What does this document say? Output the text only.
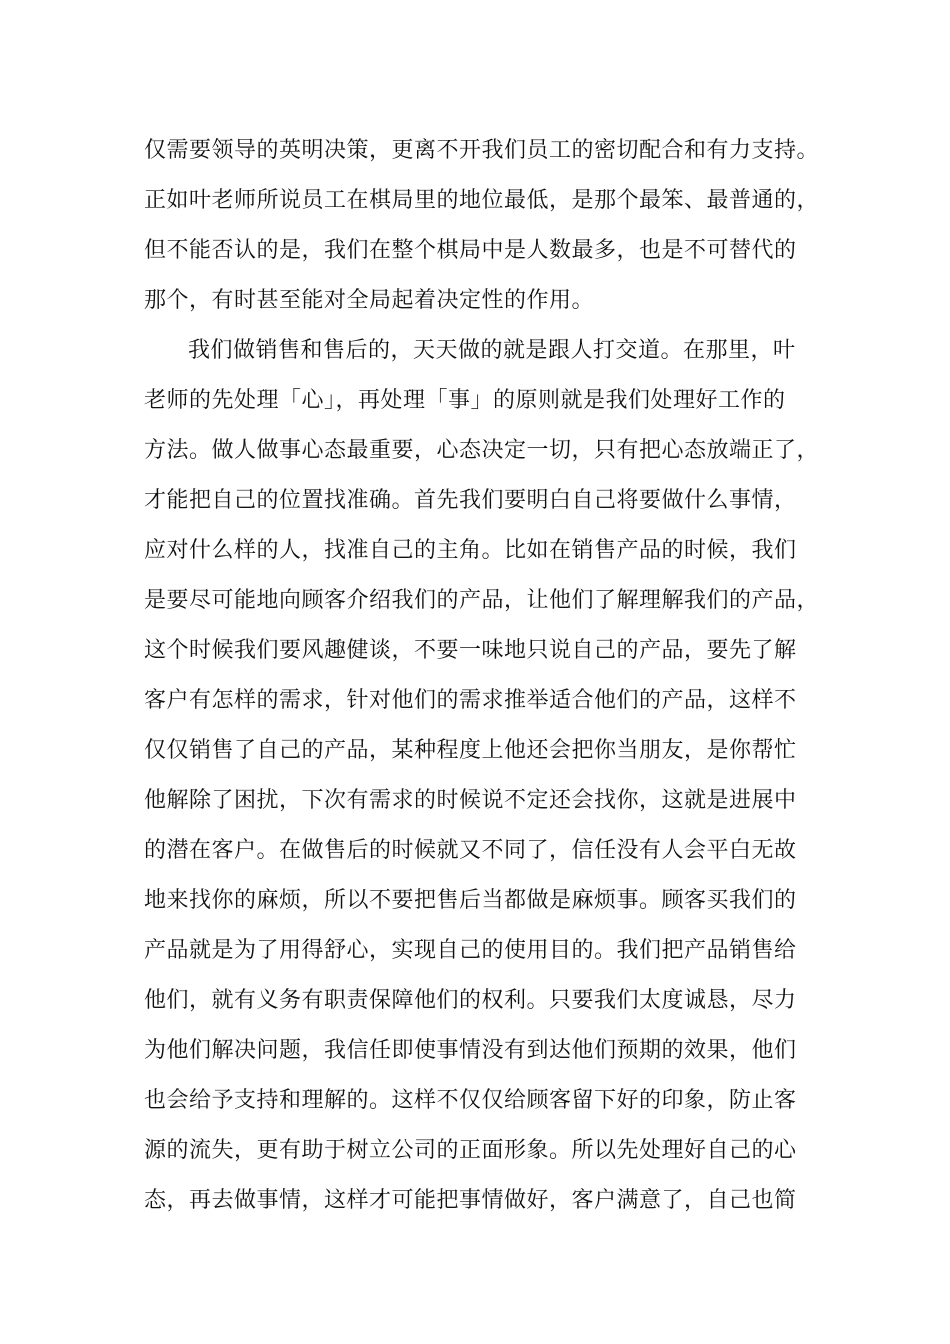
仅需要领导的英明决策，更离不开我们员工的密切配合和有力支持。
正如叶老师所说员工在棋局里的地位最低，是那个最笨、最普通的，
但不能否认的是，我们在整个棋局中是人数最多，也是不可替代的
那个，有时甚至能对全局起着决定性的作用。
我们做销售和售后的，天天做的就是跟人打交道。在那里，叶
老师的先处理「心」，再处理「事」的原则就是我们处理好工作的
方法。做人做事心态最重要，心态决定一切，只有把心态放端正了，
才能把自己的位置找准确。首先我们要明白自己将要做什么事情，
应对什么样的人，找准自己的主角。比如在销售产品的时候，我们
是要尽可能地向顾客介绍我们的产品，让他们了解理解我们的产品，
这个时候我们要风趣健谈，不要一味地只说自己的产品，要先了解
客户有怎样的需求，针对他们的需求推举适合他们的产品，这样不
仅仅销售了自己的产品，某种程度上他还会把你当朋友，是你帮忙
他解除了困扰，下次有需求的时候说不定还会找你，这就是进展中
的潜在客户。在做售后的时候就又不同了，信任没有人会平白无故
地来找你的麻烦，所以不要把售后当都做是麻烦事。顾客买我们的
产品就是为了用得舒心，实现自己的使用目的。我们把产品销售给
他们，就有义务有职责保障他们的权利。只要我们太度诚恳，尽力
为他们解决问题，我信任即使事情没有到达他们预期的效果，他们
也会给予支持和理解的。这样不仅仅给顾客留下好的印象，防止客
源的流失，更有助于树立公司的正面形象。所以先处理好自己的心
态，再去做事情，这样才可能把事情做好，客户满意了，自己也简
